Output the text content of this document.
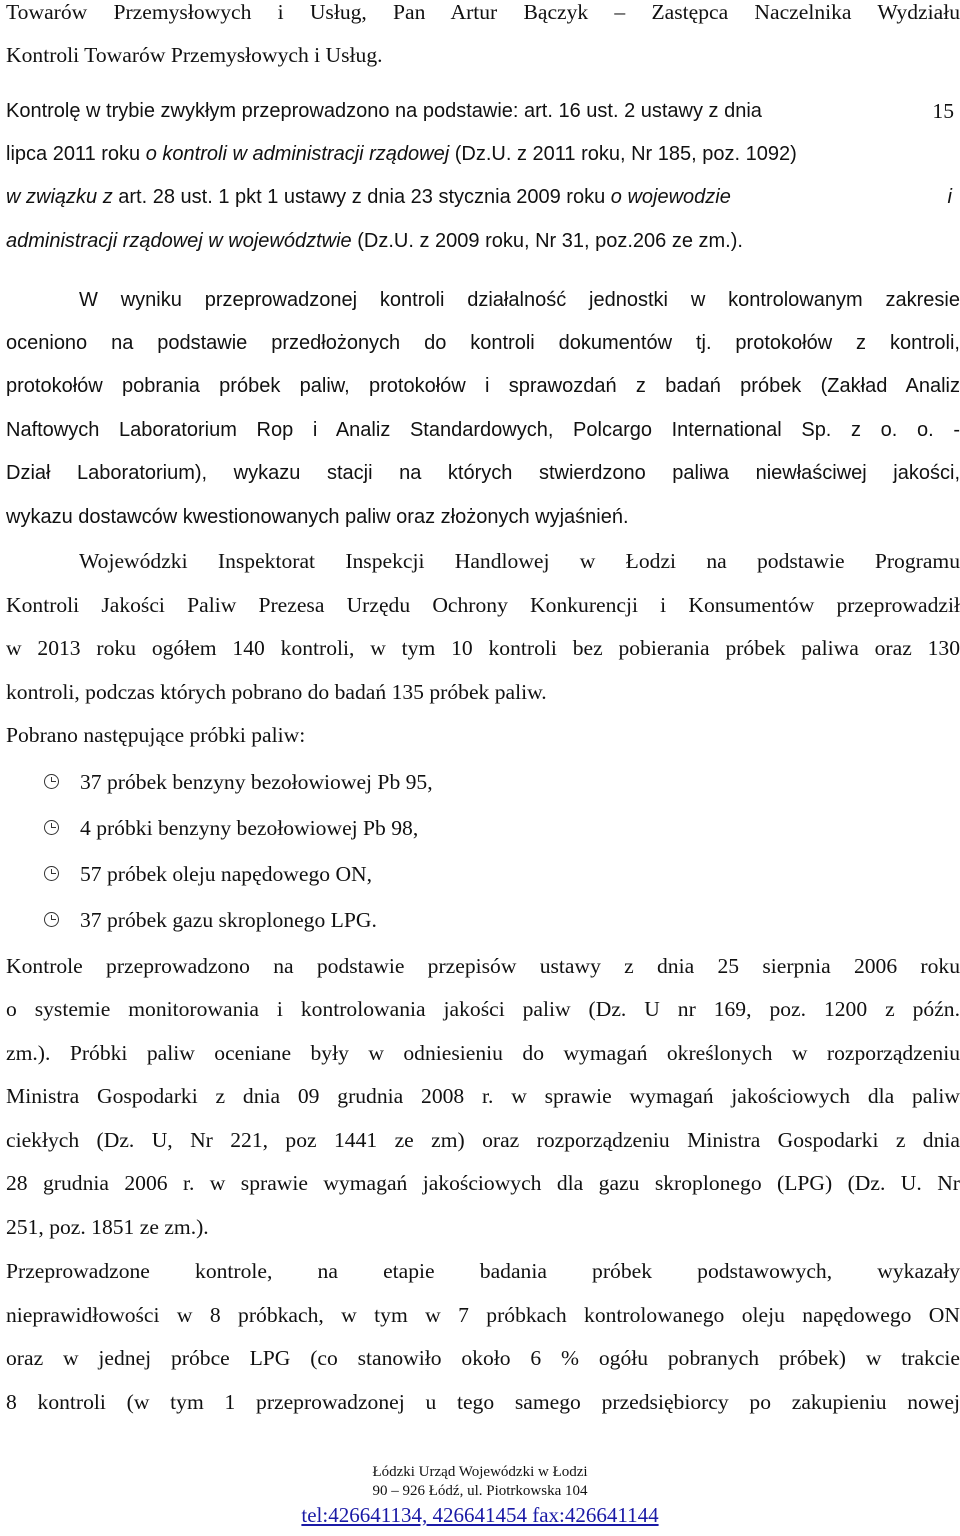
Towarów Przemysłowych i Usług, Pan Artur Bączyk – Zastępca Naczelnika Wydziału
Kontroli Towarów Przemysłowych i Usług.
Kontrolę w trybie zwykłym przeprowadzono na podstawie: art. 16 ust. 2 ustawy z dnia	15
lipca 2011 roku o kontroli w administracji rządowej (Dz.U. z 2011 roku, Nr 185, poz. 1092)
w związku z art. 28 ust. 1 pkt 1 ustawy z dnia 23 stycznia 2009 roku o wojewodzie	i
administracji rządowej w województwie (Dz.U. z 2009 roku, Nr 31, poz.206 ze zm.).
W wyniku przeprowadzonej kontroli działalność jednostki w kontrolowanym zakresie
oceniono na podstawie przedłożonych do kontroli dokumentów tj. protokołów z kontroli,
protokołów pobrania próbek paliw, protokołów i sprawozdań z badań próbek (Zakład Analiz
Naftowych Laboratorium Rop i Analiz Standardowych, Polcargo International Sp. z o. o. -
Dział Laboratorium), wykazu stacji na których stwierdzono paliwa niewłaściwej jakości,
wykazu dostawców kwestionowanych paliw oraz złożonych wyjaśnień.
Wojewódzki Inspektorat Inspekcji Handlowej w Łodzi na podstawie Programu
Kontroli Jakości Paliw Prezesa Urzędu Ochrony Konkurencji i Konsumentów przeprowadził
w 2013 roku ogółem 140 kontroli, w tym 10 kontroli bez pobierania próbek paliwa oraz 130
kontroli, podczas których pobrano do badań 135 próbek paliw.
Pobrano następujące próbki paliw:
37 próbek benzyny bezołowiowej Pb 95,
4 próbki benzyny bezołowiowej Pb 98,
57 próbek oleju napędowego ON,
37 próbek gazu skroplonego LPG.
Kontrole przeprowadzono na podstawie przepisów ustawy z dnia 25 sierpnia 2006 roku
o systemie monitorowania i kontrolowania jakości paliw (Dz. U nr 169, poz. 1200 z późn.
zm.). Próbki paliw oceniane były w odniesieniu do wymagań określonych w rozporządzeniu
Ministra Gospodarki z dnia 09 grudnia 2008 r. w sprawie wymagań jakościowych dla paliw
ciekłych (Dz. U, Nr 221, poz 1441 ze zm) oraz rozporządzeniu Ministra Gospodarki z dnia
28 grudnia 2006 r. w sprawie wymagań jakościowych dla gazu skroplonego (LPG) (Dz. U. Nr
251, poz. 1851 ze zm.).
Przeprowadzone kontrole, na etapie badania próbek podstawowych, wykazały
nieprawidłowości w 8 próbkach, w tym w 7 próbkach kontrolowanego oleju napędowego ON
oraz w jednej próbce LPG (co stanowiło około 6 % ogółu pobranych próbek) w trakcie
8 kontroli (w tym 1 przeprowadzonej u tego samego przedsiębiorcy po zakupieniu nowej
Łódzki Urząd Wojewódzki w Łodzi
90 – 926 Łódź, ul. Piotrkowska 104
tel:426641134, 426641454 fax:426641144
